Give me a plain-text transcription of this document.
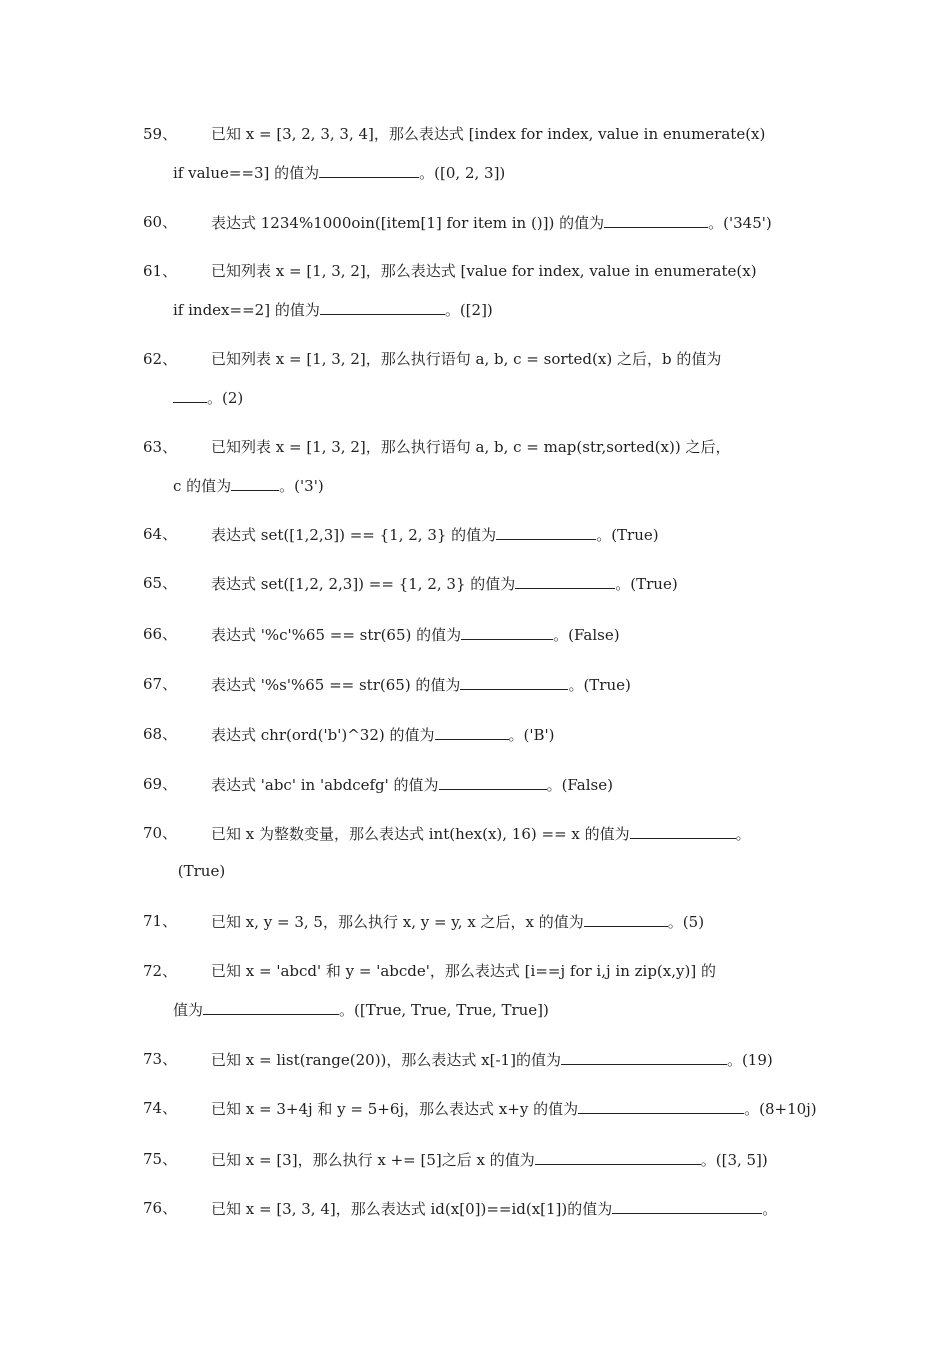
59、 已知 x = [3, 2, 3, 3, 4]，那么表达式 [index for index, value in enumerate(x)
if value==3] 的值为	。([0, 2, 3])
60、 表达式 1234%1000oin([item[1] for item in ()]) 的值为	。('345')
61、 已知列表 x = [1, 3, 2]，那么表达式 [value for index, value in enumerate(x)
if index==2] 的值为	。([2])
62、 已知列表 x = [1, 3, 2]，那么执行语句 a, b, c = sorted(x) 之后，b 的值为
。(2)
63、 已知列表 x = [1, 3, 2]，那么执行语句 a, b, c = map(str,sorted(x)) 之后，
c 的值为	。('3')
64、 表达式 set([1,2,3]) == {1, 2, 3} 的值为	。(True)
65、 表达式 set([1,2, 2,3]) == {1, 2, 3} 的值为	。(True)
66、 表达式 '%c'%65 == str(65) 的值为	。(False)
67、 表达式 '%s'%65 == str(65) 的值为	。(True)
68、 表达式 chr(ord('b')^32) 的值为	。('B')
69、 表达式 'abc' in 'abdcefg' 的值为	。(False)
70、 已知 x 为整数变量，那么表达式 int(hex(x), 16) == x 的值为	。
(True)
71、 已知 x, y = 3, 5，那么执行 x, y = y, x 之后，x 的值为	。(5)
72、 已知 x = 'abcd' 和 y = 'abcde'，那么表达式 [i==j for i,j in zip(x,y)] 的
值为	。([True, True, True, True])
73、 已知 x = list(range(20))，那么表达式 x[-1]的值为	。(19)
74、 已知 x = 3+4j 和 y = 5+6j，那么表达式 x+y 的值为	。(8+10j)
75、 已知 x = [3]，那么执行 x += [5]之后 x 的值为	。([3, 5])
76、 已知 x = [3, 3, 4]，那么表达式 id(x[0])==id(x[1])的值为	。
